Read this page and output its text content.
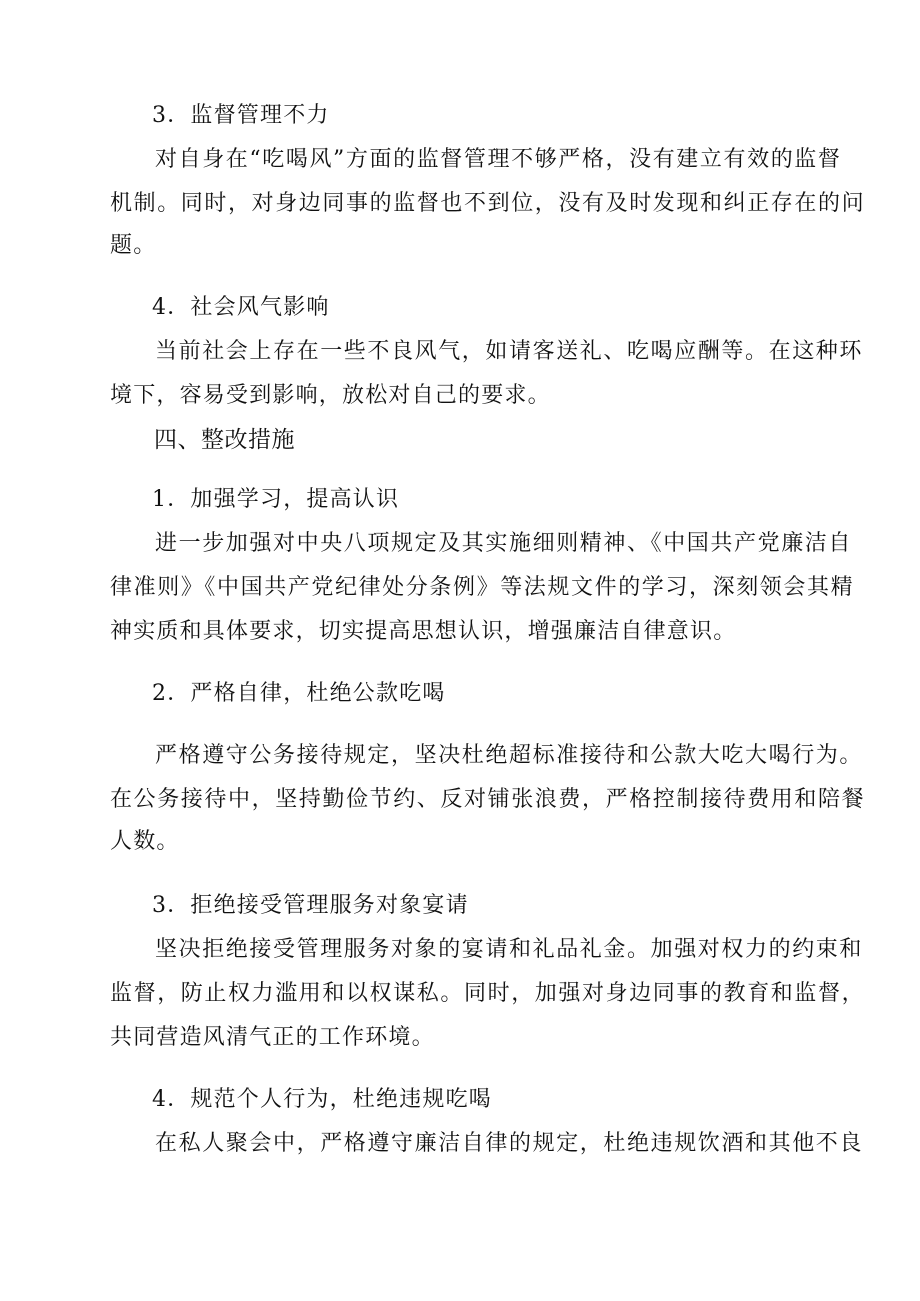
3．监督管理不力
对自身在“吃喝风”方面的监督管理不够严格，没有建立有效的监督
机制。同时，对身边同事的监督也不到位，没有及时发现和纠正存在的问
题。
4．社会风气影响
当前社会上存在一些不良风气，如请客送礼、吃喝应酬等。在这种环
境下，容易受到影响，放松对自己的要求。
四、整改措施
1．加强学习，提高认识
进一步加强对中央八项规定及其实施细则精神、《中国共产党廉洁自
律准则》《中国共产党纪律处分条例》等法规文件的学习，深刻领会其精
神实质和具体要求，切实提高思想认识，增强廉洁自律意识。
2．严格自律，杜绝公款吃喝
严格遵守公务接待规定，坚决杜绝超标准接待和公款大吃大喝行为。
在公务接待中，坚持勤俭节约、反对铺张浪费，严格控制接待费用和陪餐
人数。
3．拒绝接受管理服务对象宴请
坚决拒绝接受管理服务对象的宴请和礼品礼金。加强对权力的约束和
监督，防止权力滥用和以权谋私。同时，加强对身边同事的教育和监督，
共同营造风清气正的工作环境。
4．规范个人行为，杜绝违规吃喝
在私人聚会中，严格遵守廉洁自律的规定，杜绝违规饮酒和其他不良
